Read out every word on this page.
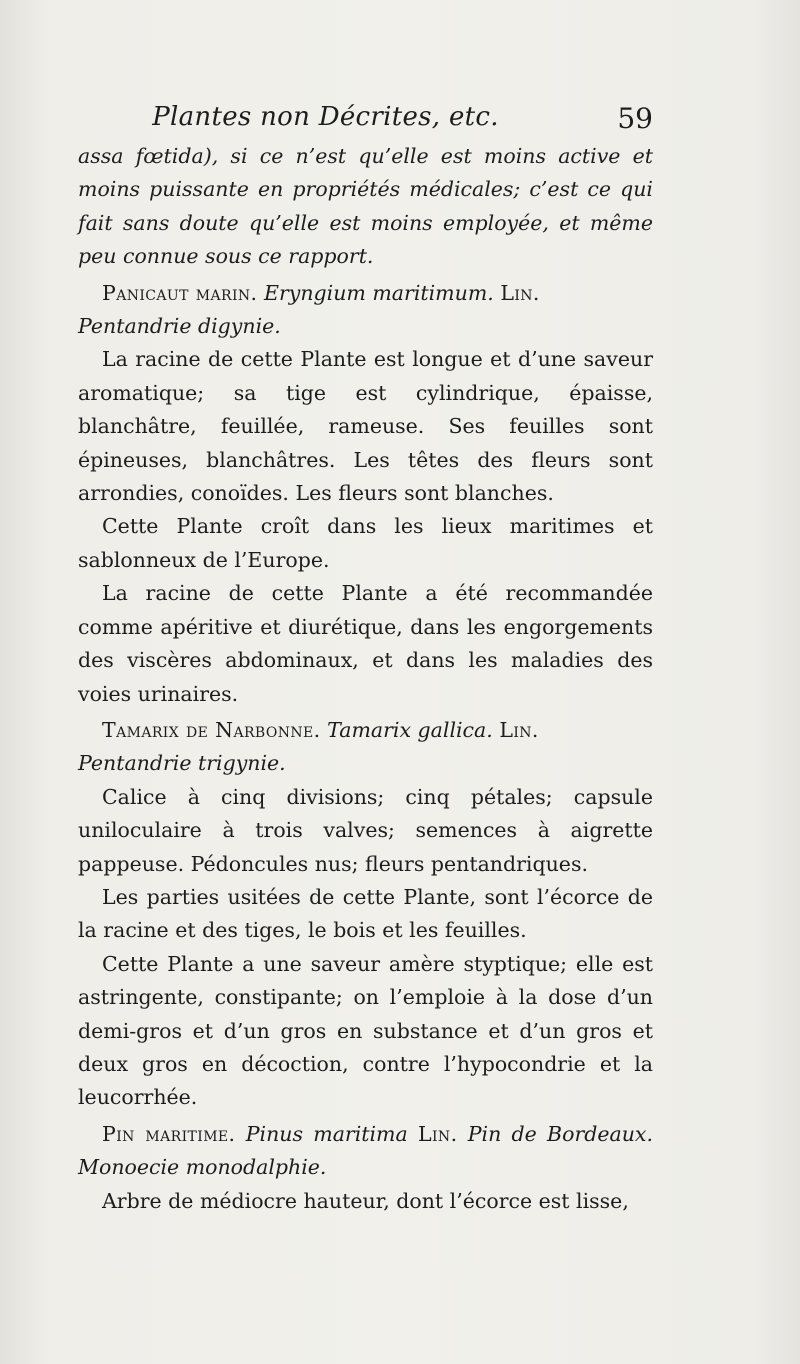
Plantes non Décrites, etc.	59

assa fœtida), si ce n’est qu’elle est moins active et moins puissante en propriétés médicales; c’est ce qui fait sans doute qu’elle est moins employée, et même peu connue sous ce rapport.

Panicaut marin. Eryngium maritimum. Lin.
Pentandrie digynie.

La racine de cette Plante est longue et d’une saveur aromatique; sa tige est cylindrique, épaisse, blanchâtre, feuillée, rameuse. Ses feuilles sont épineuses, blanchâtres. Les têtes des fleurs sont arrondies, conoïdes. Les fleurs sont blanches.

Cette Plante croît dans les lieux maritimes et sablonneux de l’Europe.

La racine de cette Plante a été recommandée comme apéritive et diurétique, dans les engorgements des viscères abdominaux, et dans les maladies des voies urinaires.

Tamarix de Narbonne. Tamarix gallica. Lin.
Pentandrie trigynie.

Calice à cinq divisions; cinq pétales; capsule uniloculaire à trois valves; semences à aigrette pappeuse. Pédoncules nus; fleurs pentandriques.

Les parties usitées de cette Plante, sont l’écorce de la racine et des tiges, le bois et les feuilles.

Cette Plante a une saveur amère styptique; elle est astringente, constipante; on l’emploie à la dose d’un demi-gros et d’un gros en substance et d’un gros et deux gros en décoction, contre l’hypocondrie et la leucorrhée.

Pin maritime. Pinus maritima Lin. Pin de Bordeaux. Monoecie monodalphie.

Arbre de médiocre hauteur, dont l’écorce est lisse,
